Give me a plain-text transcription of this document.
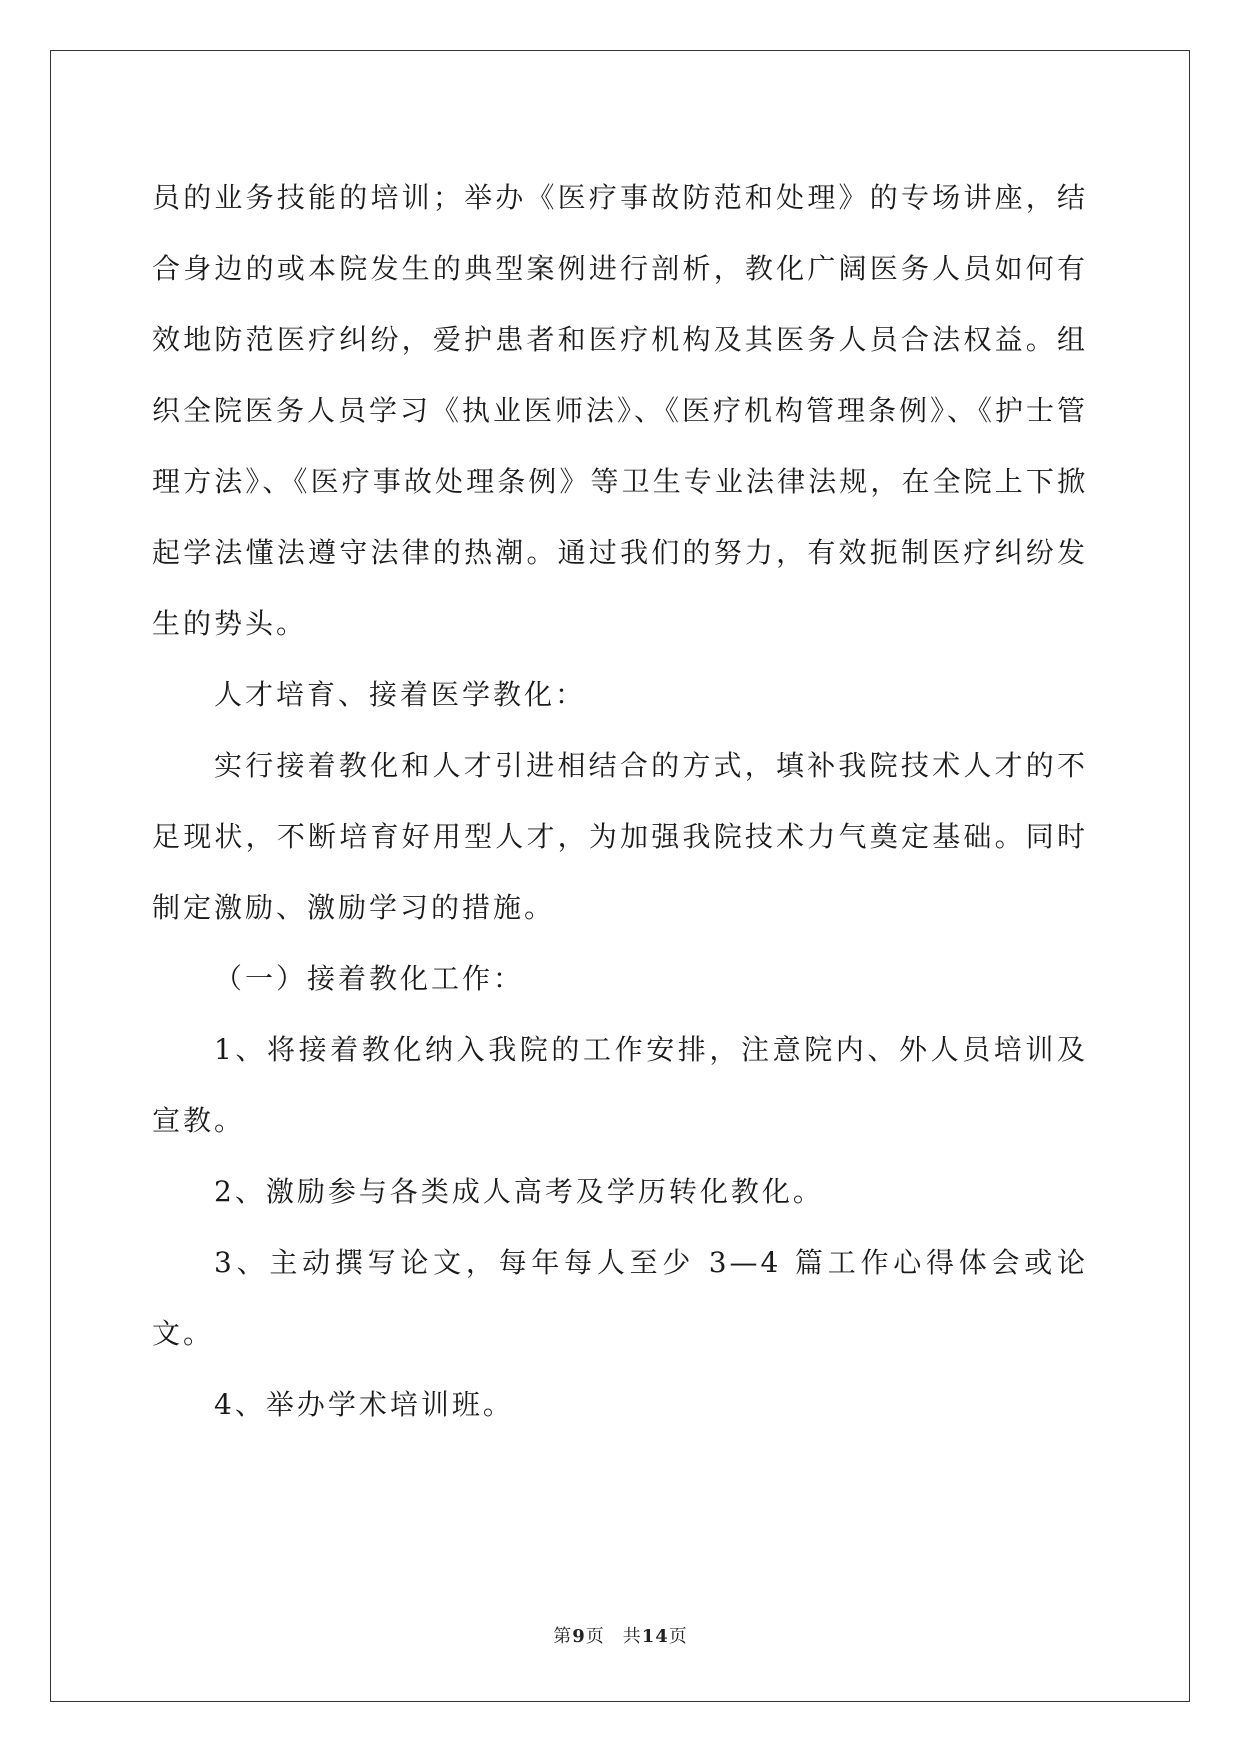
员的业务技能的培训；举办《医疗事故防范和处理》的专场讲座，结合身边的或本院发生的典型案例进行剖析，教化广阔医务人员如何有效地防范医疗纠纷，爱护患者和医疗机构及其医务人员合法权益。组织全院医务人员学习《执业医师法》、《医疗机构管理条例》、《护士管理方法》、《医疗事故处理条例》等卫生专业法律法规，在全院上下掀起学法懂法遵守法律的热潮。通过我们的努力，有效扼制医疗纠纷发生的势头。

人才培育、接着医学教化：

实行接着教化和人才引进相结合的方式，填补我院技术人才的不足现状，不断培育好用型人才，为加强我院技术力气奠定基础。同时制定激励、激励学习的措施。

（一）接着教化工作：

1、将接着教化纳入我院的工作安排，注意院内、外人员培训及宣教。

2、激励参与各类成人高考及学历转化教化。

3、主动撰写论文，每年每人至少 3—4 篇工作心得体会或论文。

4、举办学术培训班。

第9页 共14页
